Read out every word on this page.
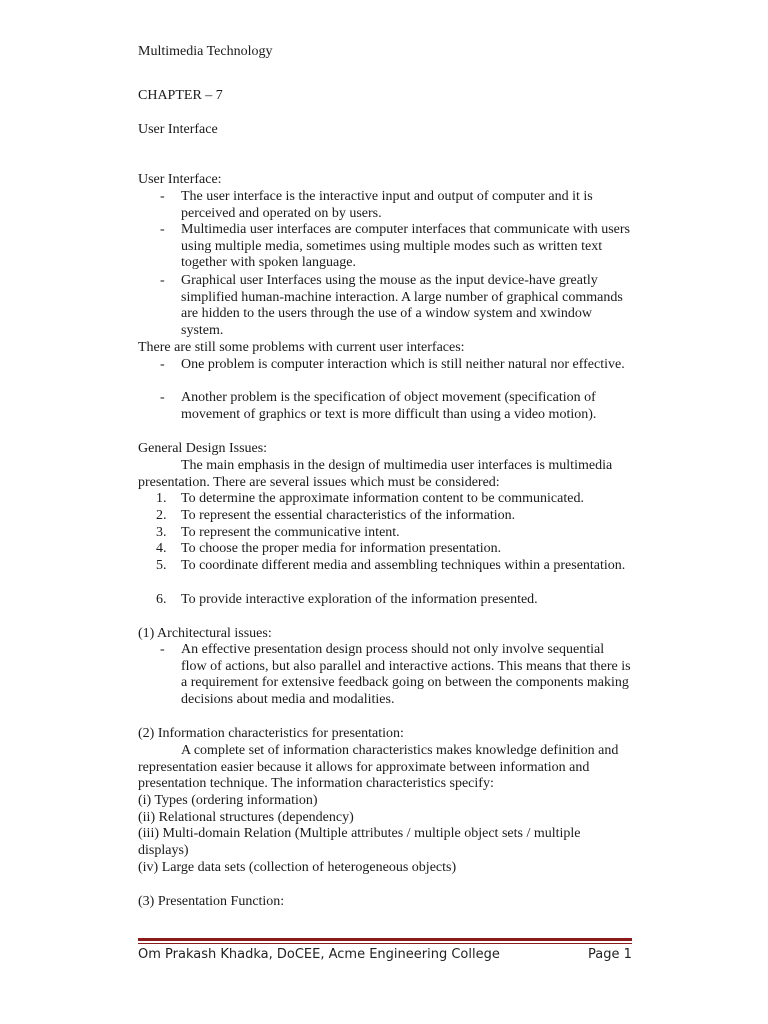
Multimedia Technology
CHAPTER – 7
User Interface
User Interface:
- The user interface is the interactive input and output of computer and it is perceived and operated on by users.
- Multimedia user interfaces are computer interfaces that communicate with users using multiple media, sometimes using multiple modes such as written text together with spoken language.
- Graphical user Interfaces using the mouse as the input device-have greatly simplified human-machine interaction. A large number of graphical commands are hidden to the users through the use of a window system and xwindow system.
There are still some problems with current user interfaces:
- One problem is computer interaction which is still neither natural nor effective.
- Another problem is the specification of object movement (specification of movement of graphics or text is more difficult than using a video motion).
General Design Issues:
The main emphasis in the design of multimedia user interfaces is multimedia presentation. There are several issues which must be considered:
1. To determine the approximate information content to be communicated.
2. To represent the essential characteristics of the information.
3. To represent the communicative intent.
4. To choose the proper media for information presentation.
5. To coordinate different media and assembling techniques within a presentation.
6. To provide interactive exploration of the information presented.
(1) Architectural issues:
- An effective presentation design process should not only involve sequential flow of actions, but also parallel and interactive actions. This means that there is a requirement for extensive feedback going on between the components making decisions about media and modalities.
(2) Information characteristics for presentation:
A complete set of information characteristics makes knowledge definition and representation easier because it allows for approximate between information and presentation technique. The information characteristics specify:
(i) Types (ordering information)
(ii) Relational structures (dependency)
(iii) Multi-domain Relation (Multiple attributes / multiple object sets / multiple displays)
(iv) Large data sets (collection of heterogeneous objects)
(3) Presentation Function:
Om Prakash Khadka, DoCEE, Acme Engineering College	Page 1
